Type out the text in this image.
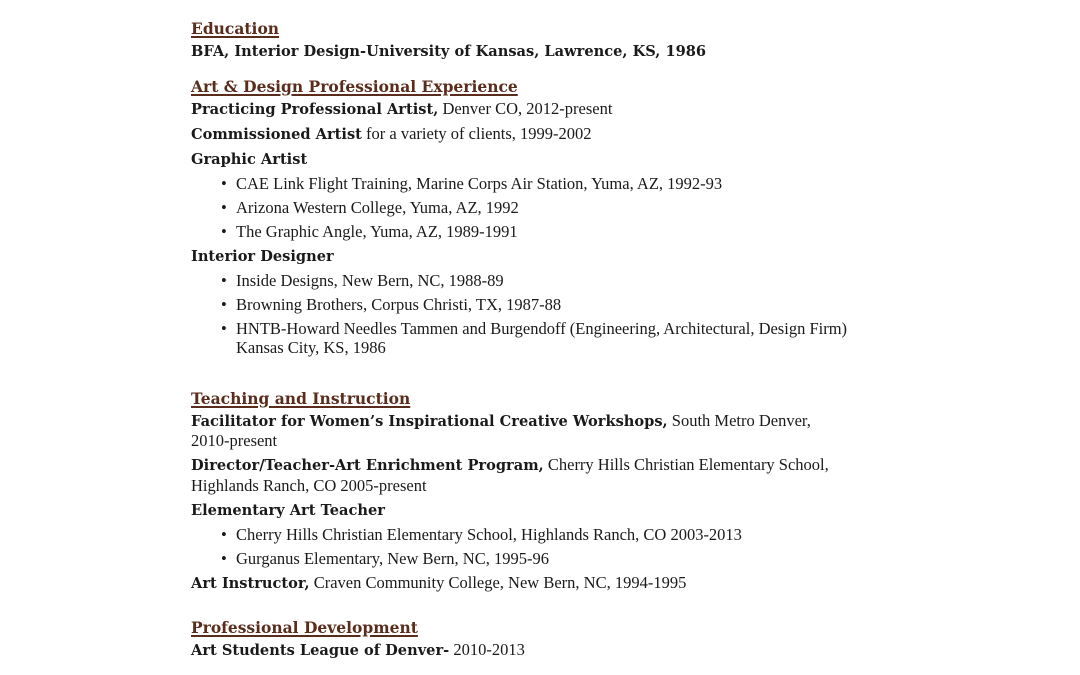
Education
BFA, Interior Design-University of Kansas, Lawrence, KS, 1986
Art & Design Professional Experience
Practicing Professional Artist, Denver CO, 2012-present
Commissioned Artist for a variety of clients, 1999-2002
Graphic Artist
• CAE Link Flight Training, Marine Corps Air Station, Yuma, AZ, 1992-93
• Arizona Western College, Yuma, AZ, 1992
• The Graphic Angle, Yuma, AZ, 1989-1991
Interior Designer
• Inside Designs, New Bern, NC, 1988-89
• Browning Brothers, Corpus Christi, TX, 1987-88
• HNTB-Howard Needles Tammen and Burgendoff (Engineering, Architectural, Design Firm) Kansas City, KS, 1986
Teaching and Instruction
Facilitator for Women’s Inspirational Creative Workshops, South Metro Denver, 2010-present
Director/Teacher-Art Enrichment Program, Cherry Hills Christian Elementary School, Highlands Ranch, CO 2005-present
Elementary Art Teacher
• Cherry Hills Christian Elementary School, Highlands Ranch, CO 2003-2013
• Gurganus Elementary, New Bern, NC, 1995-96
Art Instructor, Craven Community College, New Bern, NC, 1994-1995
Professional Development
Art Students League of Denver- 2010-2013
